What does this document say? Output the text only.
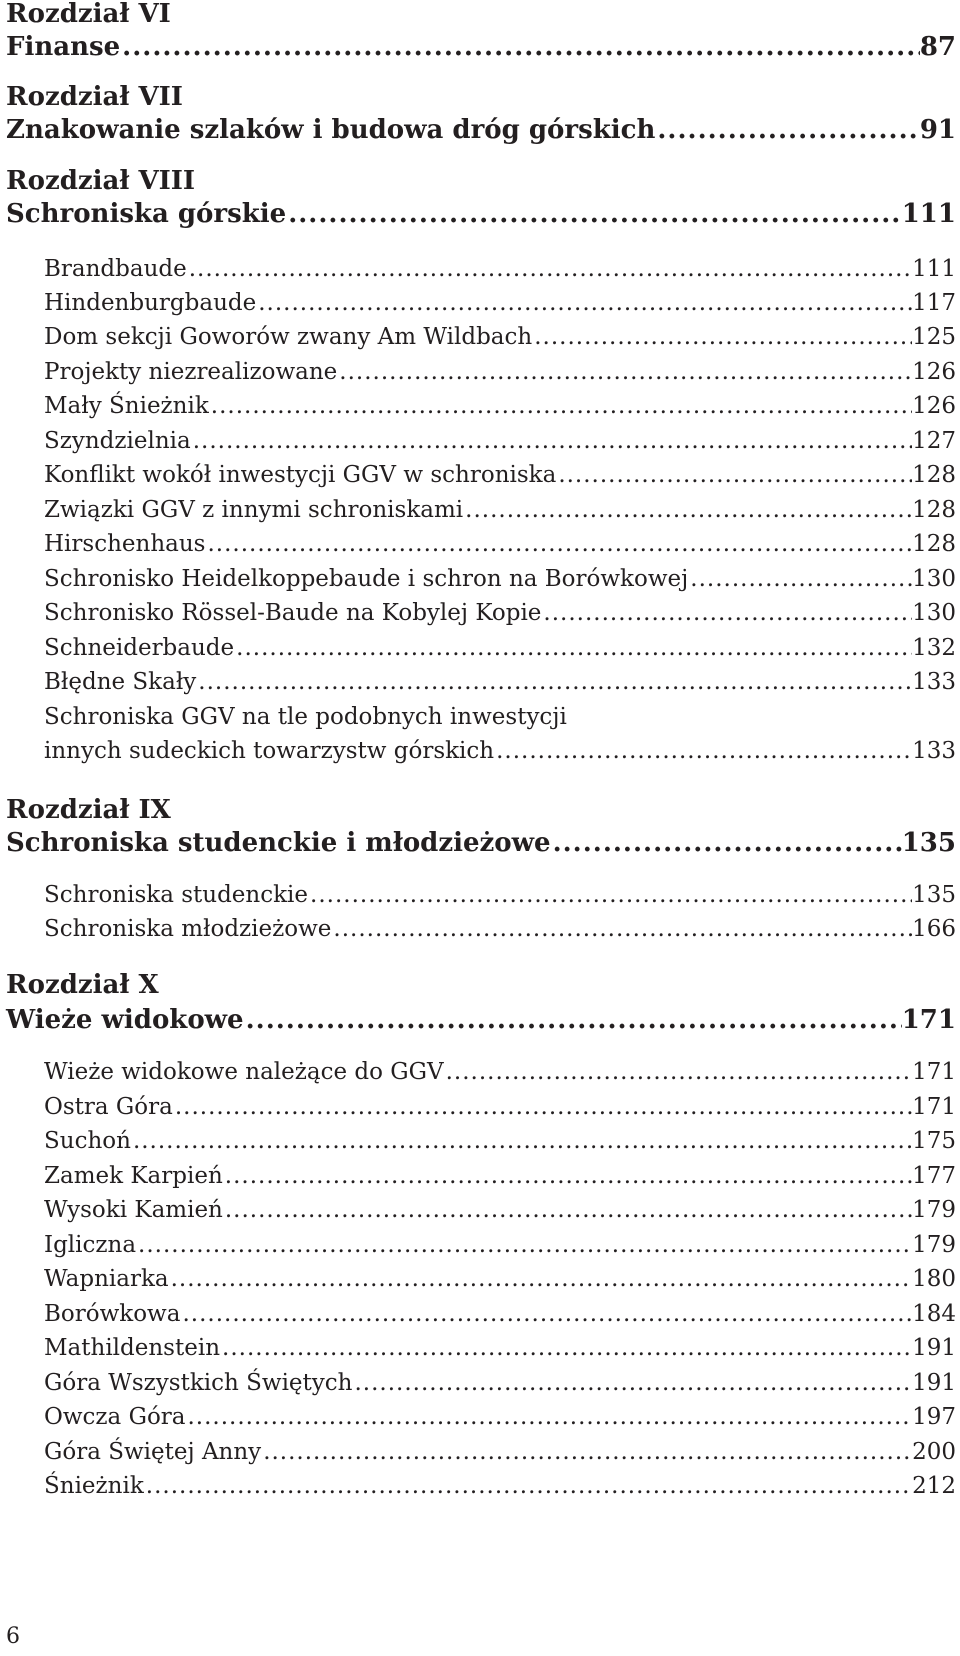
Rozdział VI
Finanse .....	87
Rozdział VII
Znakowanie szlaków i budowa dróg górskich .....	91
Rozdział VIII
Schroniska górskie .....	111
Brandbaude .....	111
Hindenburgbaude .....	117
Dom sekcji Goworów zwany Am Wildbach .....	125
Projekty niezrealizowane .....	126
Mały Śnieżnik .....	126
Szyndzielnia .....	127
Konflikt wokół inwestycji GGV w schroniska .....	128
Związki GGV z innymi schroniskami .....	128
Hirschenhaus .....	128
Schronisko Heidelkoppebaude i schron na Borówkowej .....	130
Schronisko Rössel-Baude na Kobylej Kopie .....	130
Schneiderbaude .....	132
Błędne Skały .....	133
Schroniska GGV na tle podobnych inwestycji
innych sudeckich towarzystw górskich .....	133
Rozdział IX
Schroniska studenckie i młodzieżowe .....	135
Schroniska studenckie .....	135
Schroniska młodzieżowe .....	166
Rozdział X
Wieże widokowe .....	171
Wieże widokowe należące do GGV .....	171
Ostra Góra .....	171
Suchoń .....	175
Zamek Karpień .....	177
Wysoki Kamień .....	179
Igliczna .....	179
Wapniarka .....	180
Borówkowa .....	184
Mathildenstein .....	191
Góra Wszystkich Świętych .....	191
Owcza Góra .....	197
Góra Świętej Anny .....	200
Śnieżnik .....	212
6
